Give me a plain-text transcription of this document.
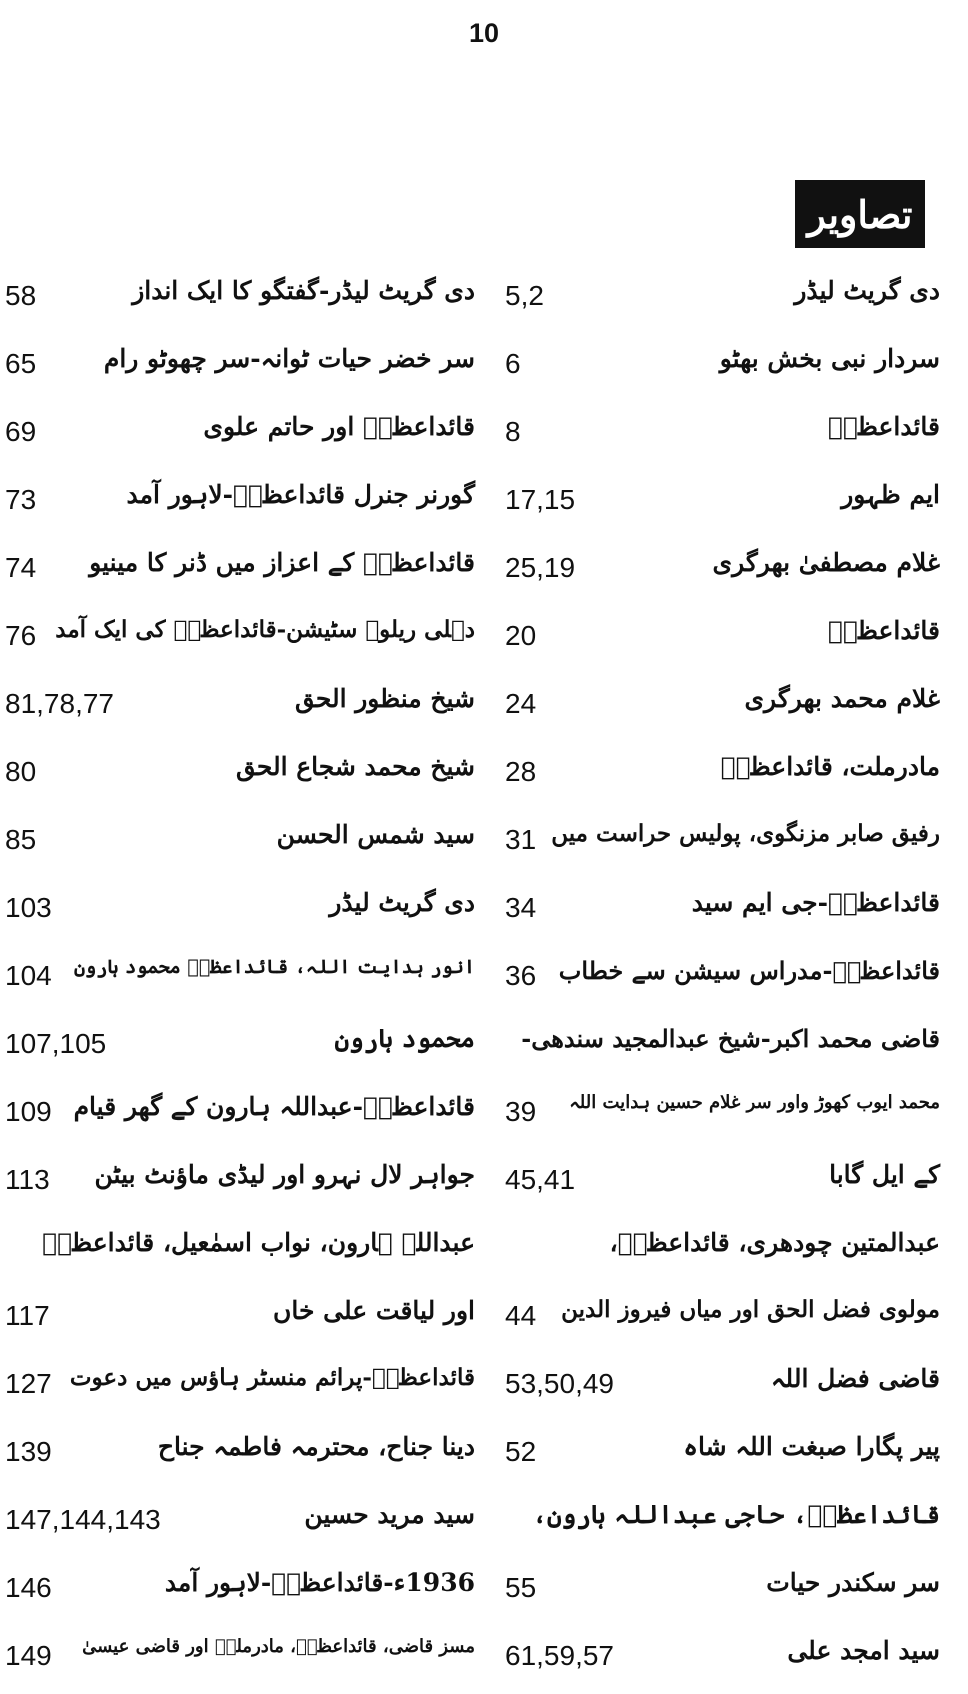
10
تصاویر
دی گریٹ لیڈر
5,2
سردار نبی بخش بھٹو
6
قائداعظمؒ
8
ایم ظہور
17,15
غلام مصطفیٰ بھرگری
25,19
قائداعظمؒ
20
غلام محمد بھرگری
24
مادرملت، قائداعظمؒ
28
رفیق صابر مزنگوی، پولیس حراست میں
31
قائداعظمؒ-جی ایم سید
34
قائداعظمؒ-مدراس سیشن سے خطاب
36
قاضی محمد اکبر-شیخ عبدالمجید سندھی-
محمد ایوب کھوڑ واور سر غلام حسین ہدایت اللہ
39
کے ایل گابا
45,41
عبدالمتین چودھری، قائداعظمؒ،
مولوی فضل الحق اور میاں فیروز الدین
44
قاضی فضل اللہ
53,50,49
پیر پگارا صبغت اللہ شاہ
52
قائداعظمؒ، حاجی عبداللہ ہارون،
سر سکندر حیات
55
سید امجد علی
61,59,57
دی گریٹ لیڈر-گفتگو کا ایک انداز
58
سر خضر حیات ٹوانہ-سر چھوٹو رام
65
قائداعظمؒ اور حاتم علوی
69
گورنر جنرل قائداعظمؒ-لاہور آمد
73
قائداعظمؒ کے اعزاز میں ڈنر کا مینیو
74
دہلی ریلوے سٹیشن-قائداعظمؒ کی ایک آمد
76
شیخ منظور الحق
81,78,77
شیخ محمد شجاع الحق
80
سید شمس الحسن
85
دی گریٹ لیڈر
103
انور ہدایت اللہ، قائداعظمؒ محمود ہارون
104
محمود ہارون
107,105
قائداعظمؒ-عبداللہ ہارون کے گھر قیام
109
جواہر لال نہرو اور لیڈی ماؤنٹ بیٹن
113
عبداللہ ہارون، نواب اسمٰعیل، قائداعظمؒ
اور لیاقت علی خاں
117
قائداعظمؒ-پرائم منسٹر ہاؤس میں دعوت
127
دینا جناح، محترمہ فاطمہ جناح
139
سید مرید حسین
147,144,143
1936ء-قائداعظمؒ-لاہور آمد
146
مسز قاضی، قائداعظمؒ، مادرملتؒ اور قاضی عیسیٰ
149
